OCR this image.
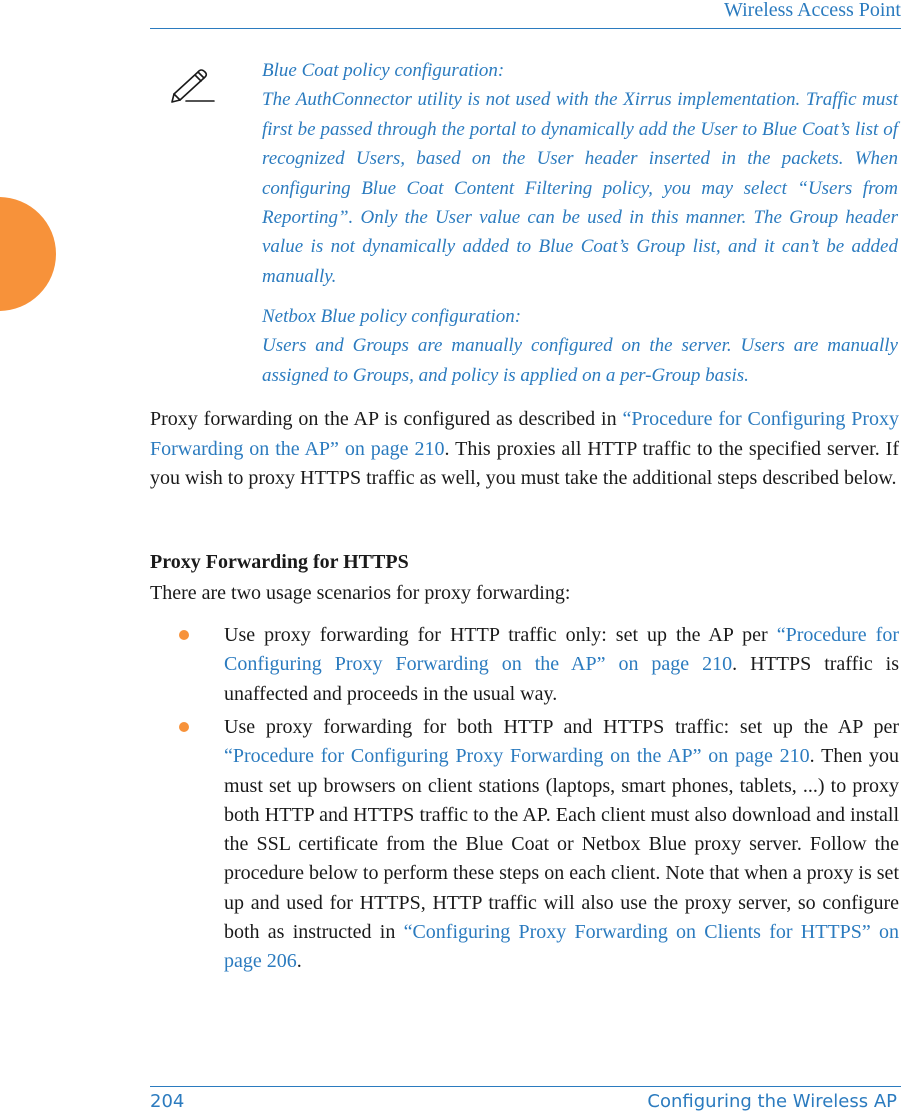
Wireless Access Point

Blue Coat policy configuration:

The AuthConnector utility is not used with the Xirrus implementation. Traffic must first be passed through the portal to dynamically add the User to Blue Coat’s list of recognized Users, based on the User header inserted in the packets. When configuring Blue Coat Content Filtering policy, you may select “Users from Reporting”. Only the User value can be used in this manner. The Group header value is not dynamically added to Blue Coat’s Group list, and it can’t be added manually.

Netbox Blue policy configuration:

Users and Groups are manually configured on the server. Users are manually assigned to Groups, and policy is applied on a per-Group basis.

Proxy forwarding on the AP is configured as described in “Procedure for Configuring Proxy Forwarding on the AP” on page 210. This proxies all HTTP traffic to the specified server. If you wish to proxy HTTPS traffic as well, you must take the additional steps described below.

Proxy Forwarding for HTTPS

There are two usage scenarios for proxy forwarding:

Use proxy forwarding for HTTP traffic only: set up the AP per “Procedure for Configuring Proxy Forwarding on the AP” on page 210. HTTPS traffic is unaffected and proceeds in the usual way.
Use proxy forwarding for both HTTP and HTTPS traffic: set up the AP per “Procedure for Configuring Proxy Forwarding on the AP” on page 210. Then you must set up browsers on client stations (laptops, smart phones, tablets, ...) to proxy both HTTP and HTTPS traffic to the AP. Each client must also download and install the SSL certificate from the Blue Coat or Netbox Blue proxy server. Follow the procedure below to perform these steps on each client. Note that when a proxy is set up and used for HTTPS, HTTP traffic will also use the proxy server, so configure both as instructed in “Configuring Proxy Forwarding on Clients for HTTPS” on page 206.
204	Configuring the Wireless AP
